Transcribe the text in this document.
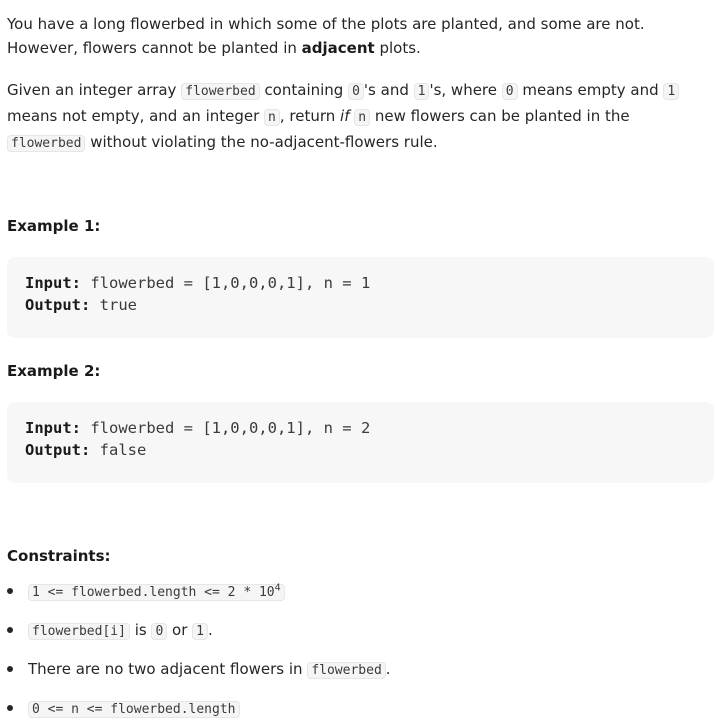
You have a long flowerbed in which some of the plots are planted, and some are not. However, flowers cannot be planted in adjacent plots.

Given an integer array flowerbed containing 0 's and 1 's, where 0 means empty and 1 means not empty, and an integer n , return if n new flowers can be planted in the flowerbed without violating the no-adjacent-flowers rule.

Example 1:
Input: flowerbed = [1,0,0,0,1], n = 1
Output: true
Example 2:
Input: flowerbed = [1,0,0,0,1], n = 2
Output: false
Constraints:
1 <= flowerbed.length <= $2 * 10^4$
flowerbed[i] is 0 or 1 .
There are no two adjacent flowers in flowerbed .
0 <= n <= flowerbed.length
